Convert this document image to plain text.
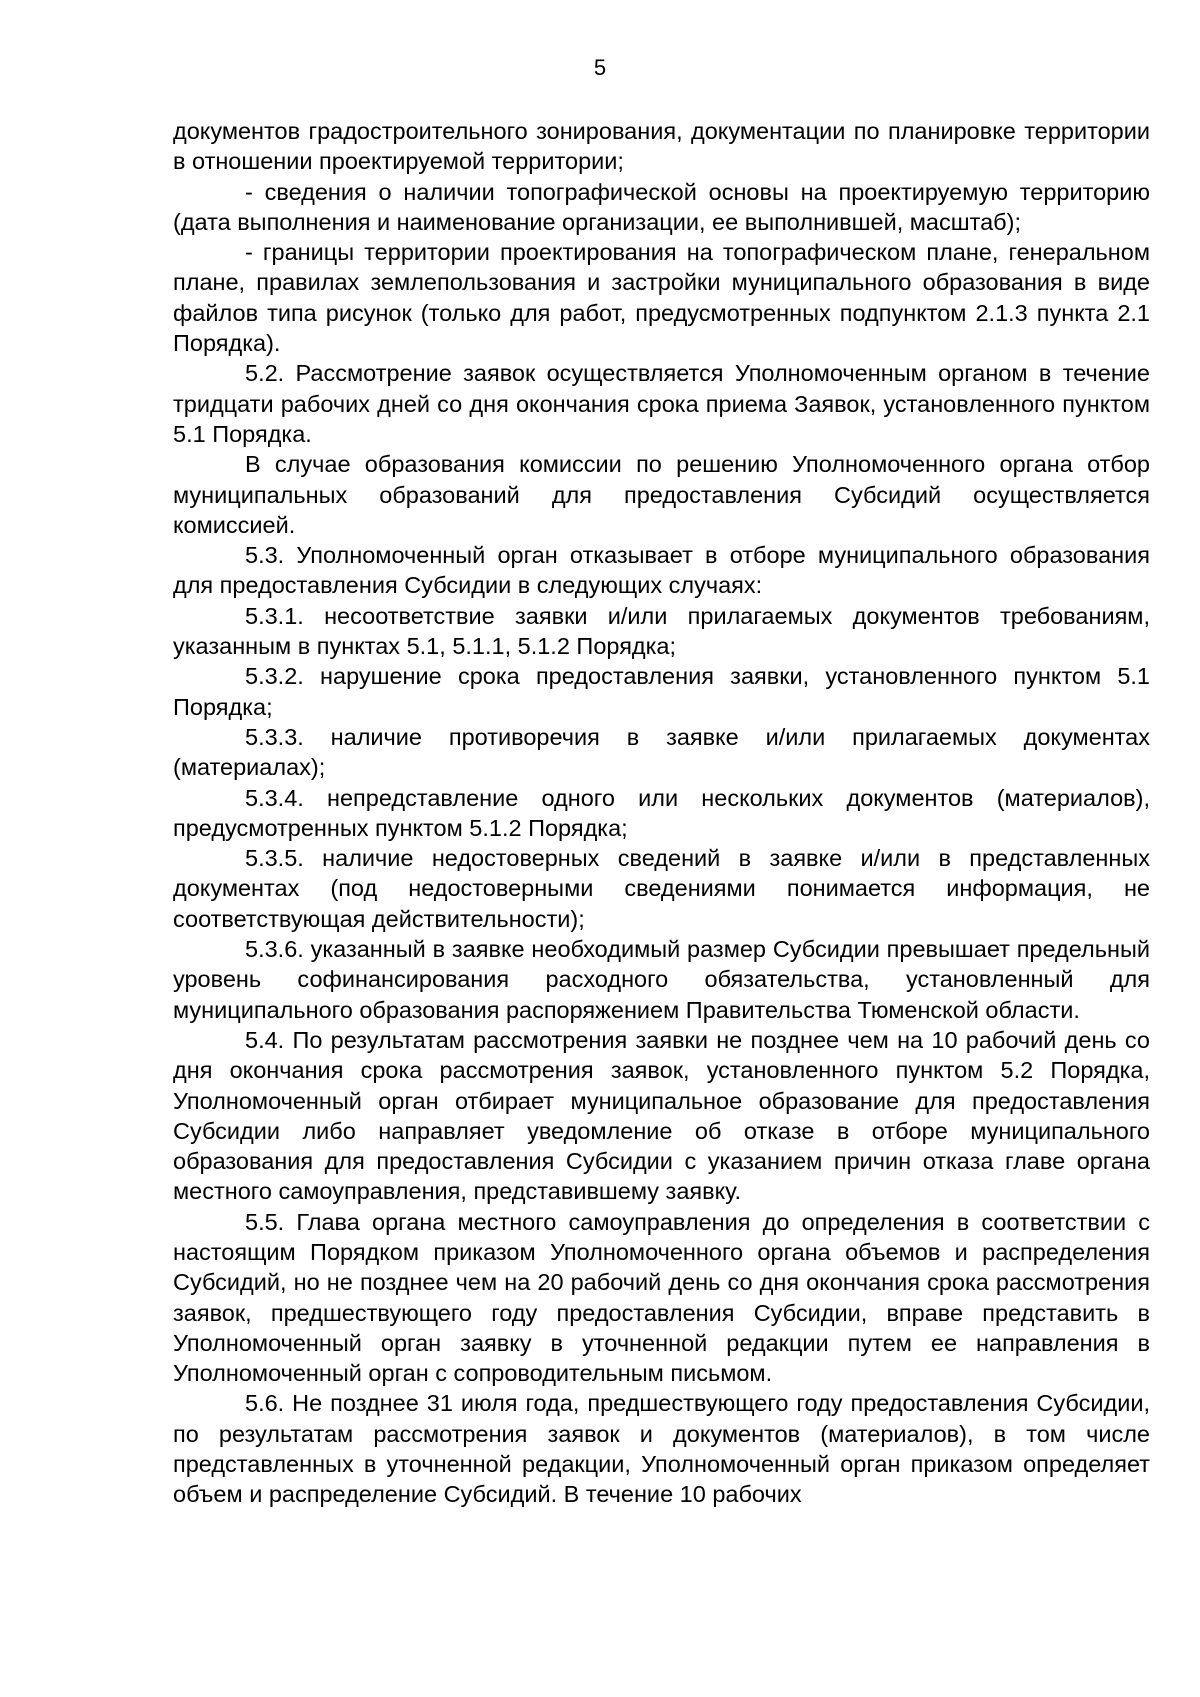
5

документов градостроительного зонирования, документации по планировке территории в отношении проектируемой территории;

- сведения о наличии топографической основы на проектируемую территорию (дата выполнения и наименование организации, ее выполнившей, масштаб);

- границы территории проектирования на топографическом плане, генеральном плане, правилах землепользования и застройки муниципального образования в виде файлов типа рисунок (только для работ, предусмотренных подпунктом 2.1.3 пункта 2.1 Порядка).

5.2. Рассмотрение заявок осуществляется Уполномоченным органом в течение тридцати рабочих дней со дня окончания срока приема Заявок, установленного пунктом 5.1 Порядка.

В случае образования комиссии по решению Уполномоченного органа отбор муниципальных образований для предоставления Субсидий осуществляется комиссией.

5.3. Уполномоченный орган отказывает в отборе муниципального образования для предоставления Субсидии в следующих случаях:

5.3.1. несоответствие заявки и/или прилагаемых документов требованиям, указанным в пунктах 5.1, 5.1.1, 5.1.2 Порядка;

5.3.2. нарушение срока предоставления заявки, установленного пунктом 5.1 Порядка;

5.3.3. наличие противоречия в заявке и/или прилагаемых документах (материалах);

5.3.4. непредставление одного или нескольких документов (материалов), предусмотренных пунктом 5.1.2 Порядка;

5.3.5. наличие недостоверных сведений в заявке и/или в представленных документах (под недостоверными сведениями понимается информация, не соответствующая действительности);

5.3.6. указанный в заявке необходимый размер Субсидии превышает предельный уровень софинансирования расходного обязательства, установленный для муниципального образования распоряжением Правительства Тюменской области.

5.4. По результатам рассмотрения заявки не позднее чем на 10 рабочий день со дня окончания срока рассмотрения заявок, установленного пунктом 5.2 Порядка, Уполномоченный орган отбирает муниципальное образование для предоставления Субсидии либо направляет уведомление об отказе в отборе муниципального образования для предоставления Субсидии с указанием причин отказа главе органа местного самоуправления, представившему заявку.

5.5. Глава органа местного самоуправления до определения в соответствии с настоящим Порядком приказом Уполномоченного органа объемов и распределения Субсидий, но не позднее чем на 20 рабочий день со дня окончания срока рассмотрения заявок, предшествующего году предоставления Субсидии, вправе представить в Уполномоченный орган заявку в уточненной редакции путем ее направления в Уполномоченный орган с сопроводительным письмом.

5.6. Не позднее 31 июля года, предшествующего году предоставления Субсидии, по результатам рассмотрения заявок и документов (материалов), в том числе представленных в уточненной редакции, Уполномоченный орган приказом определяет объем и распределение Субсидий. В течение 10 рабочих
